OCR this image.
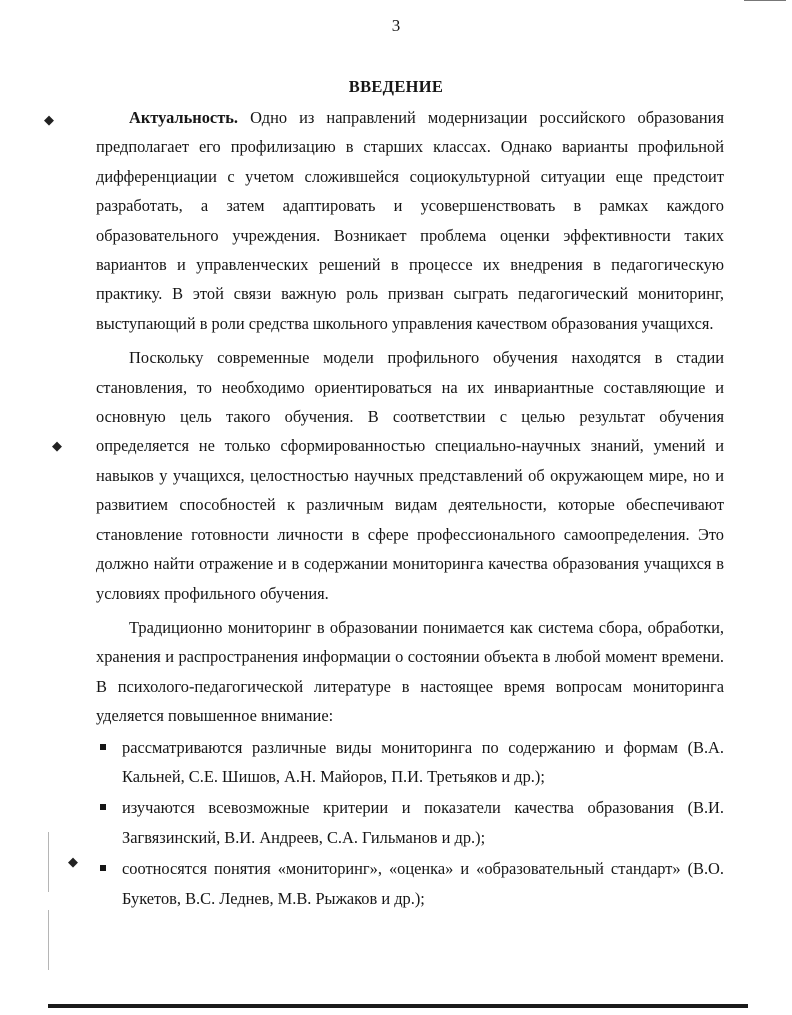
3
ВВЕДЕНИЕ
◆
◆
◆

Актуальность. Одно из направлений модернизации российского образования предполагает его профилизацию в старших классах. Однако варианты профильной дифференциации с учетом сложившейся социокультурной ситуации еще предстоит разработать, а затем адаптировать и усовершенствовать в рамках каждого образовательного учреждения. Возникает проблема оценки эффективности таких вариантов и управленческих решений в процессе их внедрения в педагогическую практику. В этой связи важную роль призван сыграть педагогический мониторинг, выступающий в роли средства школьного управления качеством образования учащихся.

Поскольку современные модели профильного обучения находятся в стадии становления, то необходимо ориентироваться на их инвариантные составляющие и основную цель такого обучения. В соответствии с целью результат обучения определяется не только сформированностью специально-научных знаний, умений и навыков у учащихся, целостностью научных представлений об окружающем мире, но и развитием способностей к различным видам деятельности, которые обеспечивают становление готовности личности в сфере профессионального самоопределения. Это должно найти отражение и в содержании мониторинга качества образования учащихся в условиях профильного обучения.

Традиционно мониторинг в образовании понимается как система сбора, обработки, хранения и распространения информации о состоянии объекта в любой момент времени. В психолого-педагогической литературе в настоящее время вопросам мониторинга уделяется повышенное внимание:

рассматриваются различные виды мониторинга по содержанию и формам (В.А. Кальней, С.Е. Шишов, А.Н. Майоров, П.И. Третьяков и др.);
изучаются всевозможные критерии и показатели качества образования (В.И. Загвязинский, В.И. Андреев, С.А. Гильманов и др.);
соотносятся понятия «мониторинг», «оценка» и «образовательный стандарт» (В.О. Букетов, В.С. Леднев, М.В. Рыжаков и др.);
